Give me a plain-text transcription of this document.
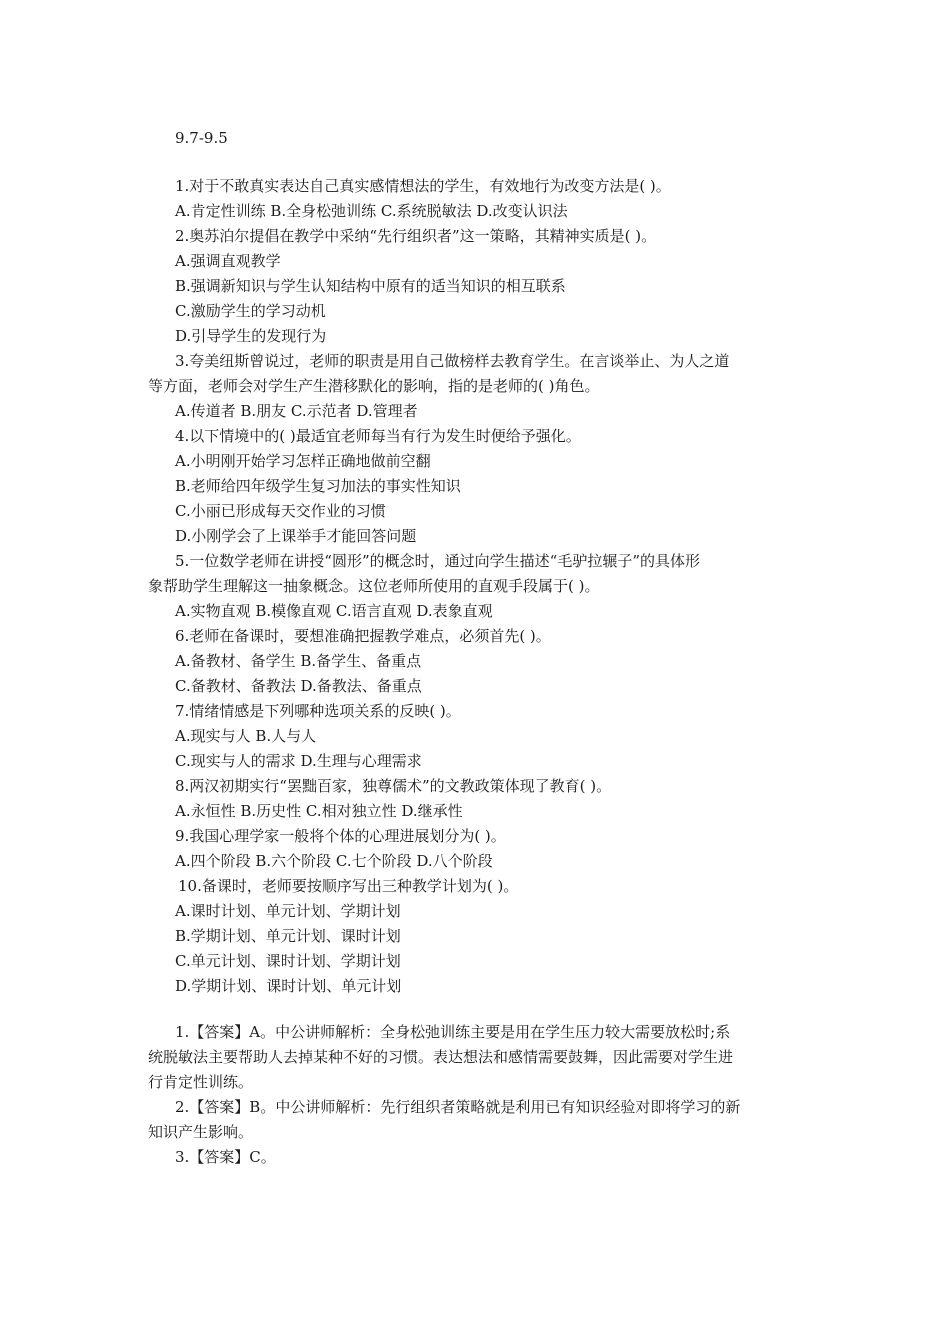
9.7-9.5
1.对于不敢真实表达自己真实感情想法的学生，有效地行为改变方法是( )。
A.肯定性训练 B.全身松弛训练 C.系统脱敏法 D.改变认识法
2.奥苏泊尔提倡在教学中采纳“先行组织者”这一策略，其精神实质是( )。
A.强调直观教学
B.强调新知识与学生认知结构中原有的适当知识的相互联系
C.激励学生的学习动机
D.引导学生的发现行为
3.夸美纽斯曾说过，老师的职责是用自己做榜样去教育学生。在言谈举止、为人之道
等方面，老师会对学生产生潜移默化的影响，指的是老师的( )角色。
A.传道者 B.朋友 C.示范者 D.管理者
4.以下情境中的( )最适宜老师每当有行为发生时便给予强化。
A.小明刚开始学习怎样正确地做前空翻
B.老师给四年级学生复习加法的事实性知识
C.小丽已形成每天交作业的习惯
D.小刚学会了上课举手才能回答问题
5.一位数学老师在讲授“圆形”的概念时，通过向学生描述“毛驴拉辗子”的具体形
象帮助学生理解这一抽象概念。这位老师所使用的直观手段属于( )。
A.实物直观 B.模像直观 C.语言直观 D.表象直观
6.老师在备课时，要想准确把握教学难点，必须首先( )。
A.备教材、备学生 B.备学生、备重点
C.备教材、备教法 D.备教法、备重点
7.情绪情感是下列哪种选项关系的反映( )。
A.现实与人 B.人与人
C.现实与人的需求 D.生理与心理需求
8.两汉初期实行“罢黜百家，独尊儒术”的文教政策体现了教育( )。
A.永恒性 B.历史性 C.相对独立性 D.继承性
9.我国心理学家一般将个体的心理进展划分为( )。
A.四个阶段 B.六个阶段 C.七个阶段 D.八个阶段
10.备课时，老师要按顺序写出三种教学计划为( )。
A.课时计划、单元计划、学期计划
B.学期计划、单元计划、课时计划
C.单元计划、课时计划、学期计划
D.学期计划、课时计划、单元计划
1.【答案】A。中公讲师解析：全身松弛训练主要是用在学生压力较大需要放松时;系
统脱敏法主要帮助人去掉某种不好的习惯。表达想法和感情需要鼓舞，因此需要对学生进
行肯定性训练。
2.【答案】B。中公讲师解析：先行组织者策略就是利用已有知识经验对即将学习的新
知识产生影响。
3.【答案】C。
